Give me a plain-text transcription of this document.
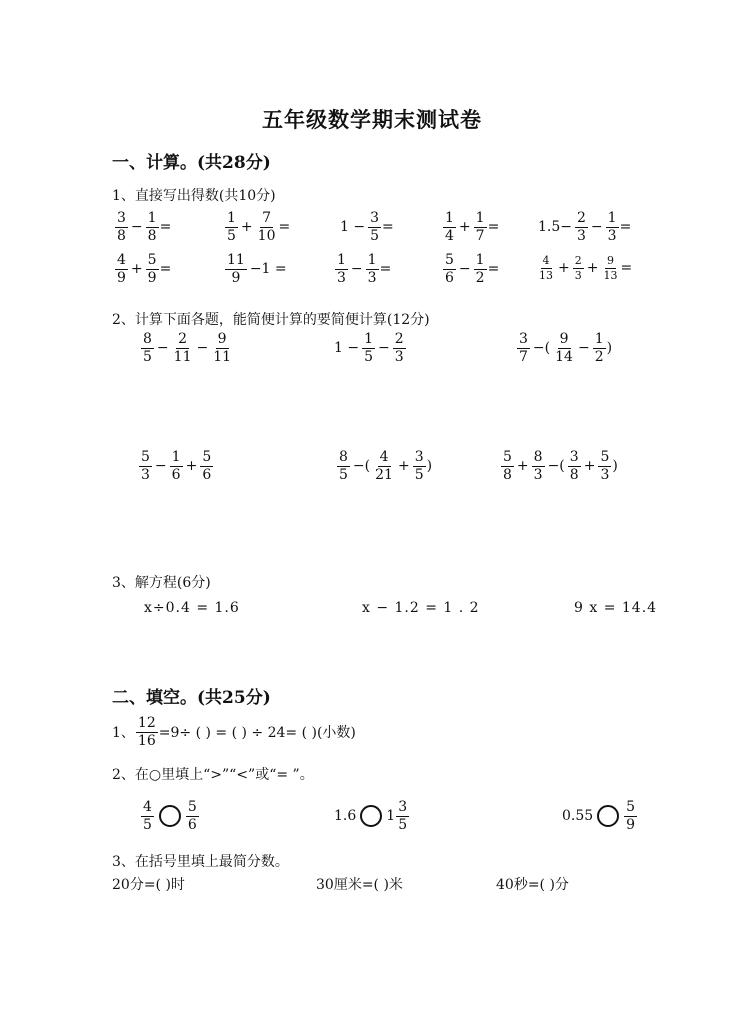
五年级数学期末测试卷
一、计算。(共28分)
1、直接写出得数(共10分)
$\frac{3}{8} - \frac{1}{8}$ =	$\frac{1}{5} + \frac{7}{10}$ =	$1 - \frac{3}{5}$ =	$\frac{1}{4} + \frac{1}{7}$ =	$1.5- \frac{2}{3} - \frac{1}{3}$ =
$\frac{4}{9} + \frac{5}{9}$ =	$\frac{11}{9} -1$ =	$\frac{1}{3} - \frac{1}{3}$ =	$\frac{5}{6} - \frac{1}{2}$ =	$\frac{4}{13} + \frac{2}{3} + \frac{9}{13}$ =
2、计算下面各题，能简便计算的要简便计算(12分)
$\frac{8}{5} - \frac{2}{11} - \frac{9}{11}$	$1 - \frac{1}{5} - \frac{2}{3}$	$\frac{3}{7}$ −( $\frac{9}{14} - \frac{1}{2}$ )
$\frac{5}{3} - \frac{1}{6} + \frac{5}{6}$	$\frac{8}{5}$ −( $\frac{4}{21} + \frac{3}{5}$ )	$\frac{5}{8} + \frac{8}{3}$ −( $\frac{3}{8} + \frac{5}{3}$ )
3、解方程(6分)
x÷0.4 = 1.6	x − 1.2 = 1 . 2	9 x = 14.4
二、填空。(共25分)
1、 $\frac{12}{16} =9\div$ ( ) = ( ) ÷ 24= ( )(小数)
2、在○里填上“>”“<”或“= ”。
$\frac{4}{5} \frac{5}{6}$	1.6 $1 \frac{3}{5}$	$0.55 \frac{5}{9}$
3、在括号里填上最简分数。
20分=( )时	30厘米=( )米	40秒=( )分
